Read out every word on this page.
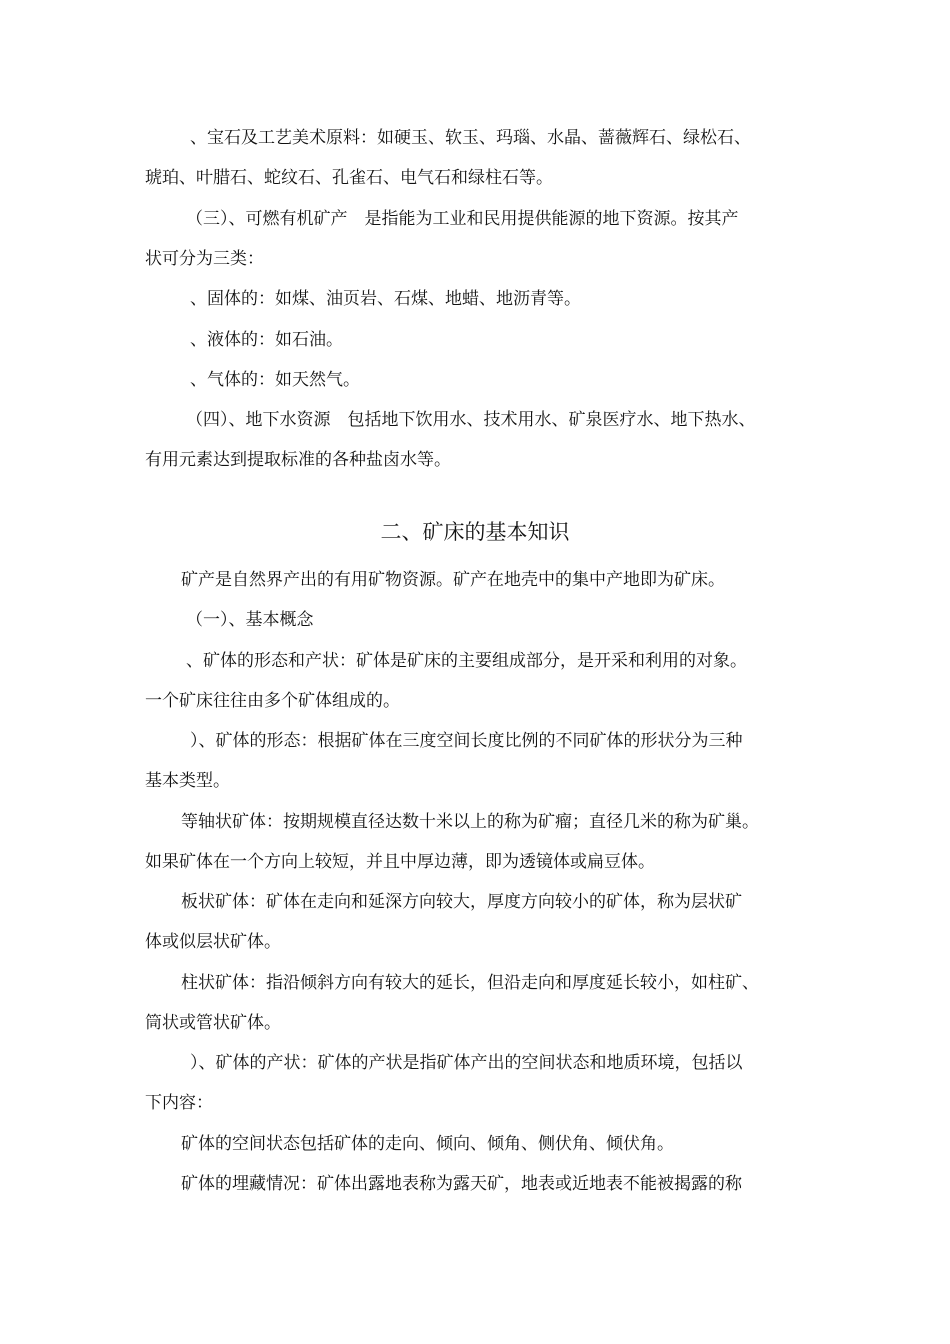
、宝石及工艺美术原料：如硬玉、软玉、玛瑙、水晶、蔷薇辉石、绿松石、
琥珀、叶腊石、蛇纹石、孔雀石、电气石和绿柱石等。
（三）、可燃有机矿产　是指能为工业和民用提供能源的地下资源。按其产
状可分为三类：
、固体的：如煤、油页岩、石煤、地蜡、地沥青等。
、液体的：如石油。
、气体的：如天然气。
（四）、地下水资源　包括地下饮用水、技术用水、矿泉医疗水、地下热水、
有用元素达到提取标准的各种盐卤水等。
二、矿床的基本知识
矿产是自然界产出的有用矿物资源。矿产在地壳中的集中产地即为矿床。
（一）、基本概念
、矿体的形态和产状：矿体是矿床的主要组成部分，是开采和利用的对象。
一个矿床往往由多个矿体组成的。
）、矿体的形态：根据矿体在三度空间长度比例的不同矿体的形状分为三种
基本类型。
等轴状矿体：按期规模直径达数十米以上的称为矿瘤；直径几米的称为矿巢。
如果矿体在一个方向上较短，并且中厚边薄，即为透镜体或扁豆体。
板状矿体：矿体在走向和延深方向较大，厚度方向较小的矿体，称为层状矿
体或似层状矿体。
柱状矿体：指沿倾斜方向有较大的延长，但沿走向和厚度延长较小，如柱矿、
筒状或管状矿体。
）、矿体的产状：矿体的产状是指矿体产出的空间状态和地质环境，包括以
下内容：
矿体的空间状态包括矿体的走向、倾向、倾角、侧伏角、倾伏角。
矿体的埋藏情况：矿体出露地表称为露天矿，地表或近地表不能被揭露的称
